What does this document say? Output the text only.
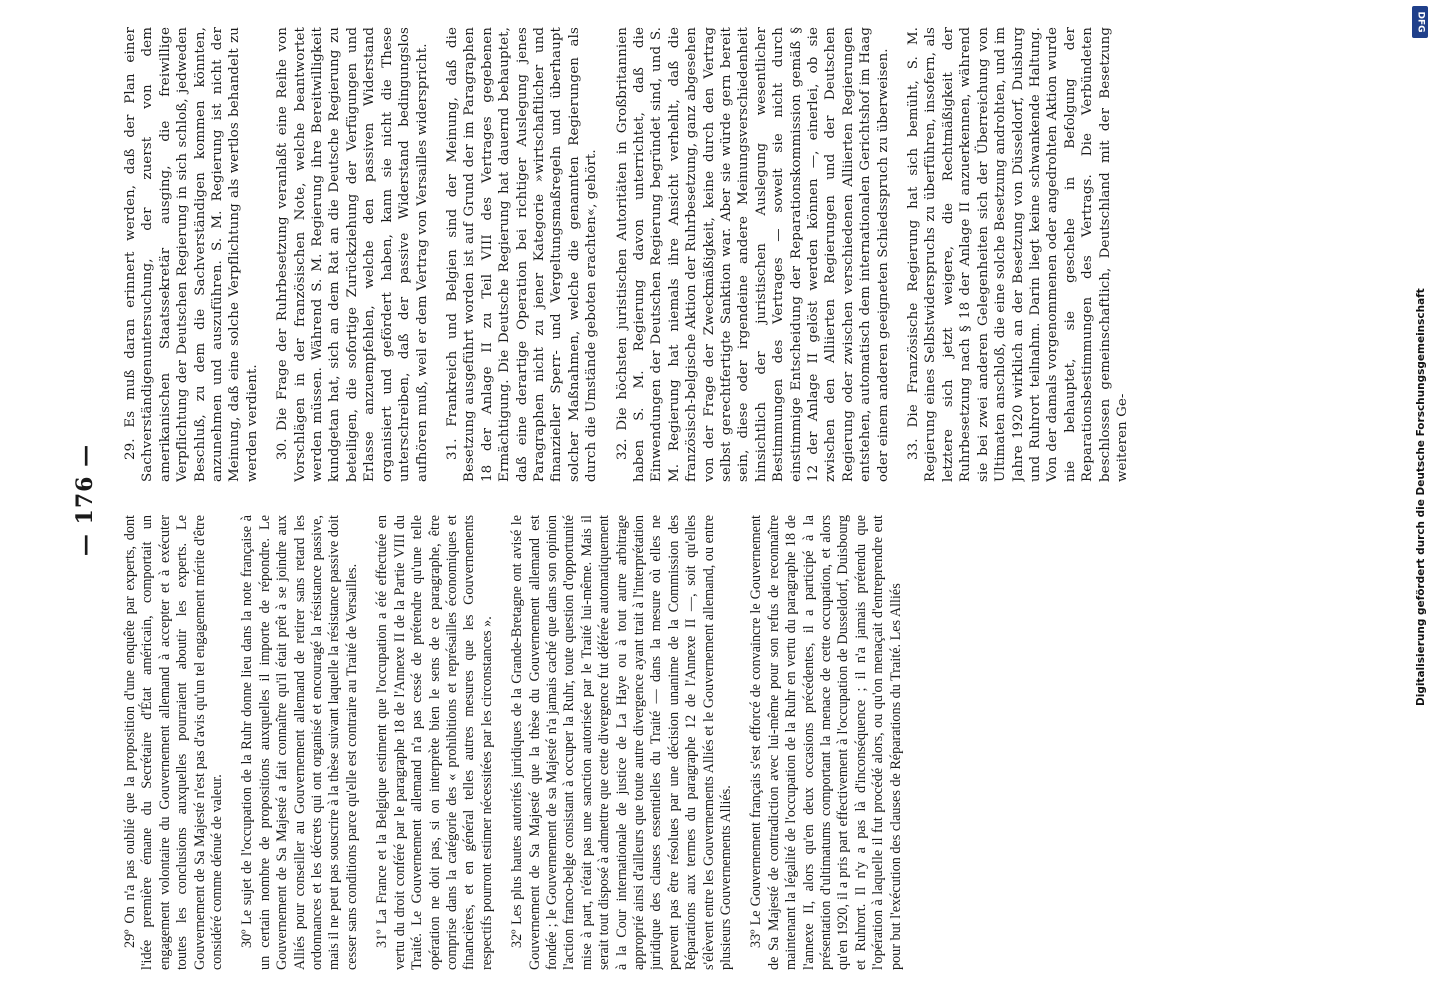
— 176 —

29º On n'a pas oublié que la proposition d'une enquête par experts, dont l'idée première émane du Secrétaire d'État américain, comportait un engagement volontaire du Gouvernement allemand à accepter et à exécuter toutes les conclusions auxquelles pourraient aboutir les experts. Le Gouvernement de Sa Majesté n'est pas d'avis qu'un tel engagement mérite d'être considéré comme dénué de valeur. 30º Le sujet de l'occupation de la Ruhr donne lieu dans la note française à un certain nombre de propositions auxquelles il importe de répondre. Le Gouvernement de Sa Majesté a fait connaître qu'il était prêt à se joindre aux Alliés pour conseiller au Gouvernement allemand de retirer sans retard les ordonnances et les décrets qui ont organisé et encouragé la résistance passive, mais il ne peut pas souscrire à la thèse suivant laquelle la résistance passive doit cesser sans conditions parce qu'elle est contraire au Traité de Versailles. 31º La France et la Belgique estiment que l'occupation a été effectuée en vertu du droit conféré par le paragraphe 18 de l'Annexe II de la Partie VIII du Traité. Le Gouvernement allemand n'a pas cessé de prétendre qu'une telle opération ne doit pas, si on interprète bien le sens de ce paragraphe, être comprise dans la catégorie des « prohibitions et représailles économiques et financières, et en général telles autres mesures que les Gouvernements respectifs pourront estimer nécessitées par les circonstances ». 32º Les plus hautes autorités juridiques de la Grande-Bretagne ont avisé le Gouvernement de Sa Majesté que la thèse du Gouvernement allemand est fondée ; le Gouvernement de sa Majesté n'a jamais caché que dans son opinion l'action franco-belge consistant à occuper la Ruhr, toute question d'opportunité mise à part, n'était pas une sanction autorisée par le Traité lui-même. Mais il serait tout disposé à admettre que cette divergence fut déférée automatiquement à la Cour internationale de justice de La Haye ou à tout autre arbitrage approprié ainsi d'ailleurs que toute autre divergence ayant trait à l'interprétation juridique des clauses essentielles du Traité — dans la mesure où elles ne peuvent pas être résolues par une décision unanime de la Commission des Réparations aux termes du paragraphe 12 de l'Annexe II —, soit qu'elles s'élèvent entre les Gouvernements Alliés et le Gouvernement allemand, ou entre plusieurs Gouvernements Alliés. 33º Le Gouvernement français s'est efforcé de convaincre le Gouvernement de Sa Majesté de contradiction avec lui-même pour son refus de reconnaître maintenant la légalité de l'occupation de la Ruhr en vertu du paragraphe 18 de l'annexe II, alors qu'en deux occasions précédentes, il a participé à la présentation d'ultimatums comportant la menace de cette occupation, et alors qu'en 1920, il a pris part effectivement à l'occupation de Dusseldorf, Duisbourg et Ruhrort. Il n'y a pas là d'inconséquence ; il n'a jamais prétendu que l'opération à laquelle il fut procédé alors, ou qu'on menaçait d'entreprendre eut pour but l'exécution des clauses de Réparations du Traité. Les Alliés

29. Es muß daran erinnert werden, daß der Plan einer Sachverständigenuntersuchung, der zuerst von dem amerikanischen Staatssekretär ausging, die freiwillige Verpflichtung der Deutschen Regierung in sich schloß, jedweden Beschluß, zu dem die Sachverständigen kommen könnten, anzunehmen und auszuführen. S. M. Regierung ist nicht der Meinung, daß eine solche Verpflichtung als wertlos behandelt zu werden verdient. 30. Die Frage der Ruhrbesetzung veranlaßt eine Reihe von Vorschlägen in der französischen Note, welche beantwortet werden müssen. Während S. M. Regierung ihre Bereitwilligkeit kundgetan hat, sich an dem Rat an die Deutsche Regierung zu beteiligen, die sofortige Zurückziehung der Verfügungen und Erlasse anzuempfehlen, welche den passiven Widerstand organisiert und gefördert haben, kann sie nicht die These unterschreiben, daß der passive Widerstand bedingungslos aufhören muß, weil er dem Vertrag von Versailles widerspricht. 31. Frankreich und Belgien sind der Meinung, daß die Besetzung ausgeführt worden ist auf Grund der im Paragraphen 18 der Anlage II zu Teil VIII des Vertrages gegebenen Ermächtigung. Die Deutsche Regierung hat dauernd behauptet, daß eine derartige Operation bei richtiger Auslegung jenes Paragraphen nicht zu jener Kategorie »wirtschaftlicher und finanzieller Sperr- und Vergeltungsmaßregeln und überhaupt solcher Maßnahmen, welche die genannten Regierungen als durch die Umstände geboten erachten«, gehört. 32. Die höchsten juristischen Autoritäten in Großbritannien haben S. M. Regierung davon unterrichtet, daß die Einwendungen der Deutschen Regierung begründet sind, und S. M. Regierung hat niemals ihre Ansicht verhehlt, daß die französisch-belgische Aktion der Ruhrbesetzung, ganz abgesehen von der Frage der Zweckmäßigkeit, keine durch den Vertrag selbst gerechtfertigte Sanktion war. Aber sie würde gern bereit sein, diese oder irgendeine andere Meinungsverschiedenheit hinsichtlich der juristischen Auslegung wesentlicher Bestimmungen des Vertrages — soweit sie nicht durch einstimmige Entscheidung der Reparationskommission gemäß § 12 der Anlage II gelöst werden können —, einerlei, ob sie zwischen den Alliierten Regierungen und der Deutschen Regierung oder zwischen verschiedenen Alliierten Regierungen entstehen, automatisch dem internationalen Gerichtshof im Haag oder einem anderen geeigneten Schiedsspruch zu überweisen. 33. Die Französische Regierung hat sich bemüht, S. M. Regierung eines Selbstwiderspruchs zu überführen, insofern, als letztere sich jetzt weigere, die Rechtmäßigkeit der Ruhrbesetzung nach § 18 der Anlage II anzuerkennen, während sie bei zwei anderen Gelegenheiten sich der Überreichung von Ultimaten anschloß, die eine solche Besetzung androhten, und im Jahre 1920 wirklich an der Besetzung von Düsseldorf, Duisburg und Ruhrort teilnahm. Darin liegt keine schwankende Haltung. Von der damals vorgenommenen oder angedrohten Aktion wurde nie behauptet, sie geschehe in Befolgung der Reparationsbestimmungen des Vertrags. Die Verbündeten beschlossen gemeinschaftlich, Deutschland mit der Besetzung weiteren Ge-

DFG
Digitalisierung gefördert durch die Deutsche Forschungsgemeinschaft
